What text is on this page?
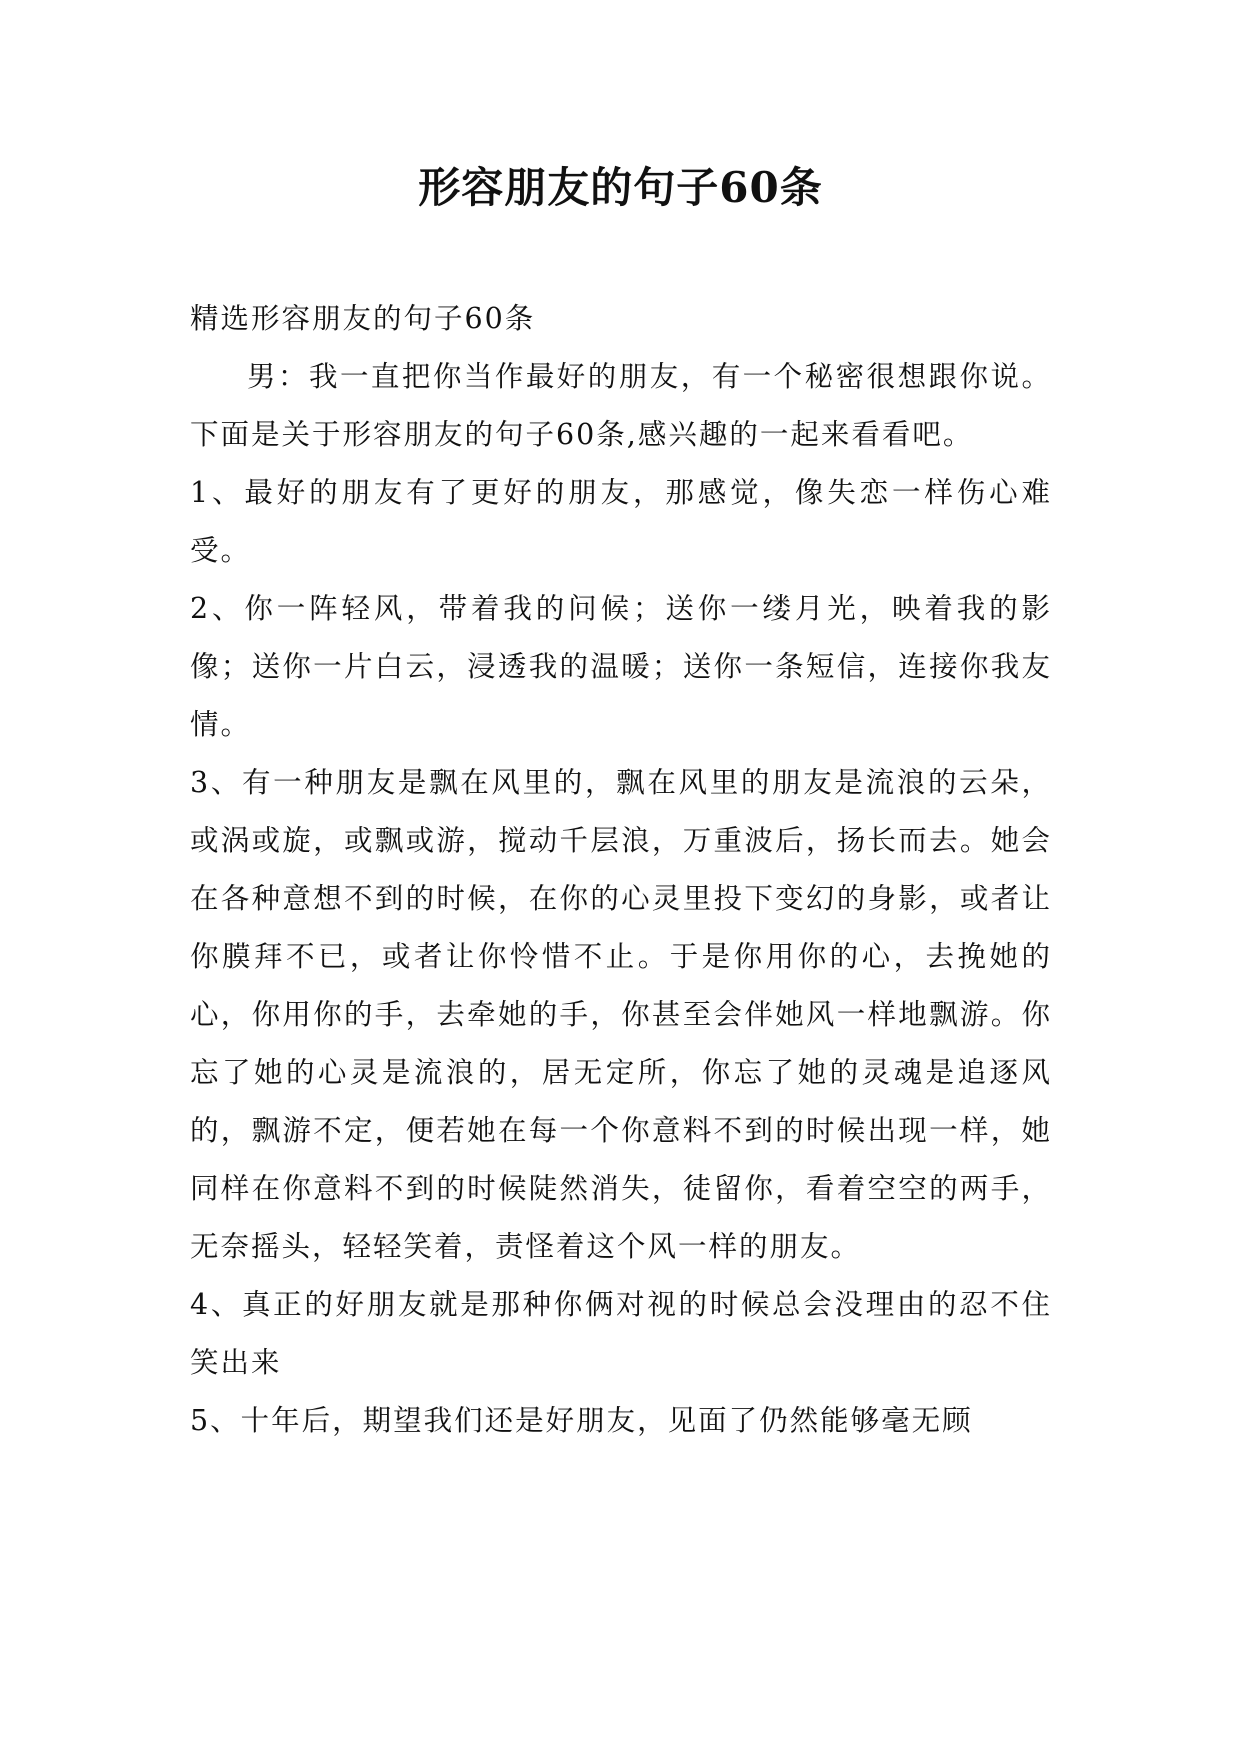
形容朋友的句子60条

精选形容朋友的句子60条

男：我一直把你当作最好的朋友，有一个秘密很想跟你说。下面是关于形容朋友的句子60条,感兴趣的一起来看看吧。

1、最好的朋友有了更好的朋友，那感觉，像失恋一样伤心难受。

2、你一阵轻风，带着我的问候；送你一缕月光，映着我的影像；送你一片白云，浸透我的温暖；送你一条短信，连接你我友情。

3、有一种朋友是飘在风里的，飘在风里的朋友是流浪的云朵，或涡或旋，或飘或游，搅动千层浪，万重波后，扬长而去。她会在各种意想不到的时候，在你的心灵里投下变幻的身影，或者让你膜拜不已，或者让你怜惜不止。于是你用你的心，去挽她的心，你用你的手，去牵她的手，你甚至会伴她风一样地飘游。你忘了她的心灵是流浪的，居无定所，你忘了她的灵魂是追逐风的，飘游不定，便若她在每一个你意料不到的时候出现一样，她同样在你意料不到的时候陡然消失，徒留你，看着空空的两手，无奈摇头，轻轻笑着，责怪着这个风一样的朋友。

4、真正的好朋友就是那种你俩对视的时候总会没理由的忍不住笑出来

5、十年后，期望我们还是好朋友，见面了仍然能够毫无顾
